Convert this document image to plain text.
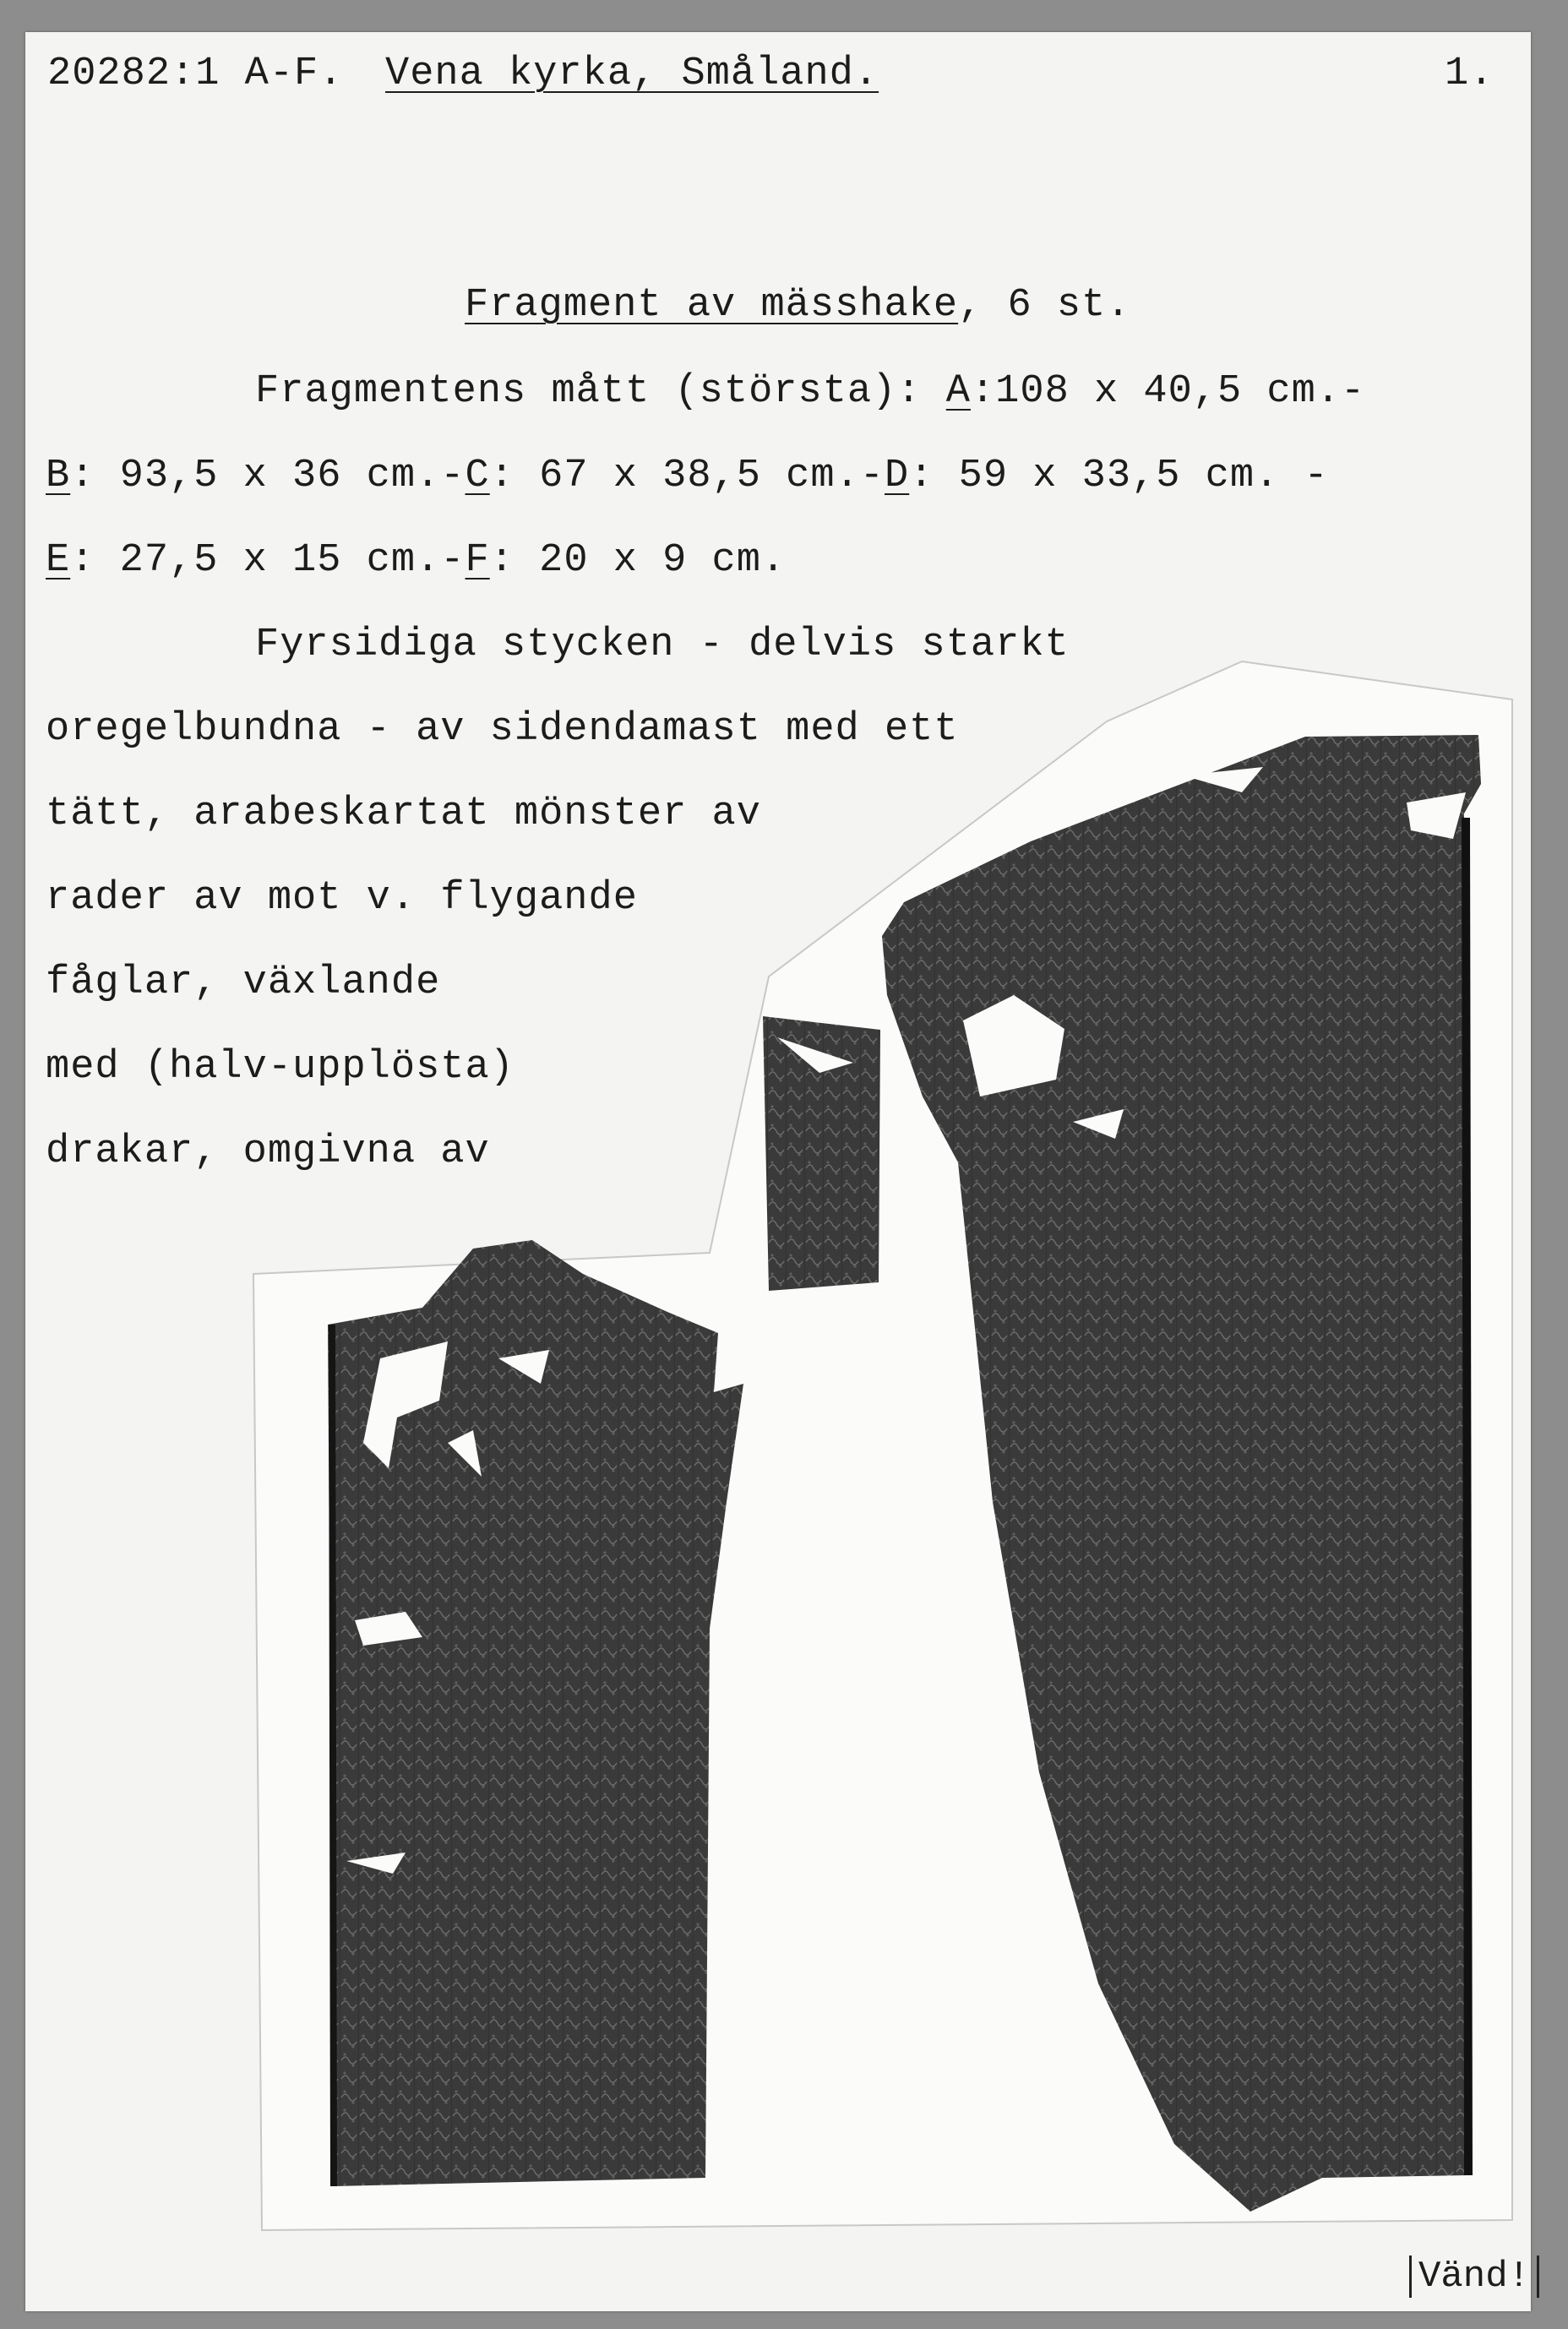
20282:1 A-F. Vena kyrka, Småland.	1.
Fragment av mässhake, 6 st.
Fragmentens mått (största): A:108 x 40,5 cm.-
B: 93,5 x 36 cm.-C: 67 x 38,5 cm.-D: 59 x 33,5 cm. -
E: 27,5 x 15 cm.-F: 20 x 9 cm.
Fyrsidiga stycken - delvis starkt
oregelbundna - av sidendamast med ett
tätt, arabeskartat mönster av
rader av mot v. flygande
fåglar, växlande
med (halv-upplösta)
drakar, omgivna av
Vänd!
